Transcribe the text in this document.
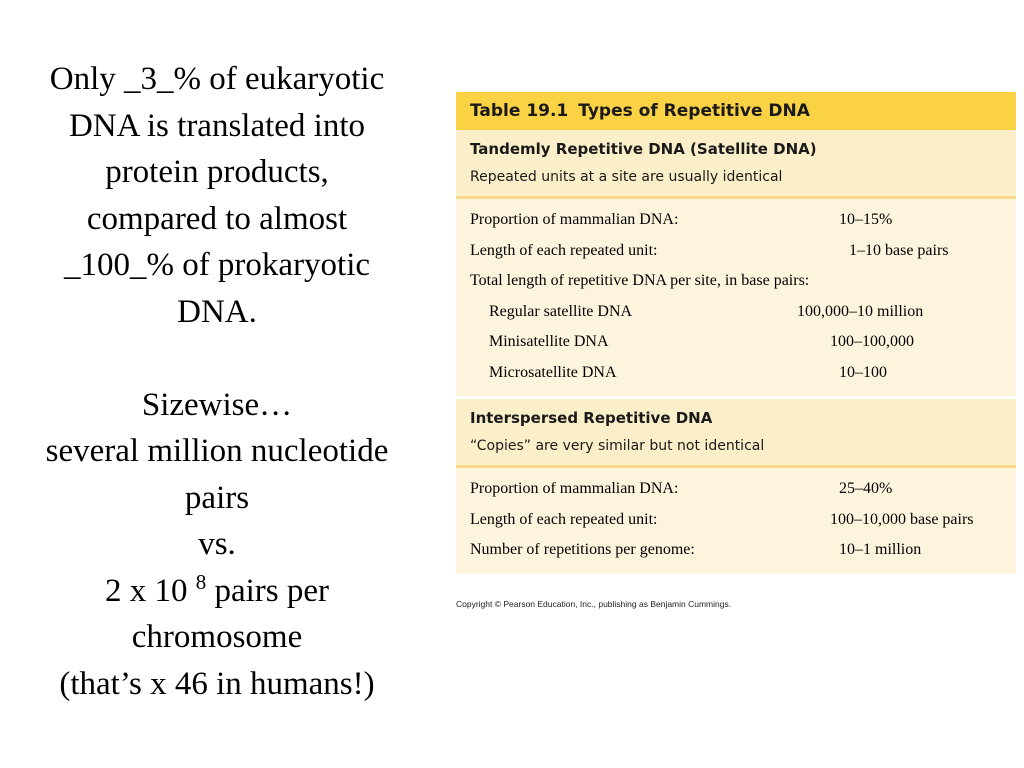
Only _3_% of eukaryotic

DNA is translated into

protein products,

compared to almost

_100_% of prokaryotic

DNA.

Sizewise…

several million nucleotide

pairs

vs.

2 x 10 $^8$ pairs per

chromosome

(that’s x 46 in humans!)

Table 19.1 Types of Repetitive DNA
Tandemly Repetitive DNA (Satellite DNA)
Repeated units at a site are usually identical
Proportion of mammalian DNA:	10–15%
Length of each repeated unit:	1–10 base pairs
Total length of repetitive DNA per site, in base pairs:
Regular satellite DNA	100,000–10 million
Minisatellite DNA	100–100,000
Microsatellite DNA	10–100
Interspersed Repetitive DNA
“Copies” are very similar but not identical
Proportion of mammalian DNA:	25–40%
Length of each repeated unit:	100–10,000 base pairs
Number of repetitions per genome:	10–1 million
Copyright © Pearson Education, Inc., publishing as Benjamin Cummings.
